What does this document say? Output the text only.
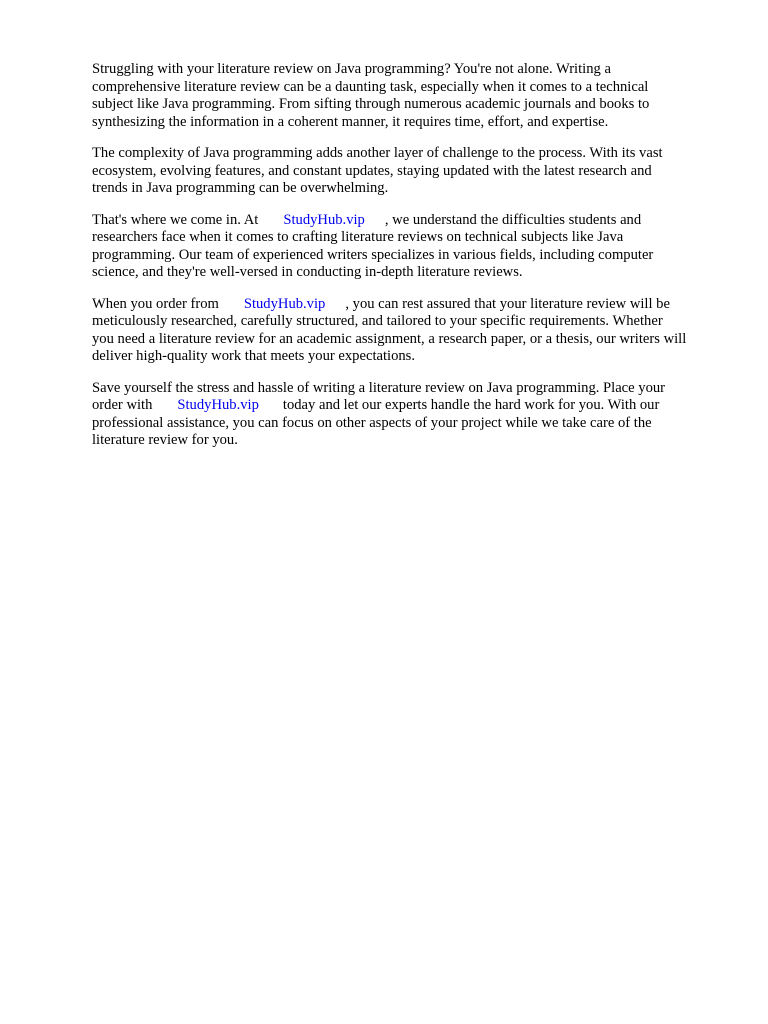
Struggling with your literature review on Java programming? You're not alone. Writing a
comprehensive literature review can be a daunting task, especially when it comes to a technical
subject like Java programming. From sifting through numerous academic journals and books to
synthesizing the information in a coherent manner, it requires time, effort, and expertise.

The complexity of Java programming adds another layer of challenge to the process. With its vast
ecosystem, evolving features, and constant updates, staying updated with the latest research and
trends in Java programming can be overwhelming.

That's where we come in. At StudyHub.vip , we understand the difficulties students and
researchers face when it comes to crafting literature reviews on technical subjects like Java
programming. Our team of experienced writers specializes in various fields, including computer
science, and they're well-versed in conducting in-depth literature reviews.

When you order from StudyHub.vip , you can rest assured that your literature review will be
meticulously researched, carefully structured, and tailored to your specific requirements. Whether
you need a literature review for an academic assignment, a research paper, or a thesis, our writers will
deliver high-quality work that meets your expectations.

Save yourself the stress and hassle of writing a literature review on Java programming. Place your
order with StudyHub.vip today and let our experts handle the hard work for you. With our
professional assistance, you can focus on other aspects of your project while we take care of the
literature review for you.
